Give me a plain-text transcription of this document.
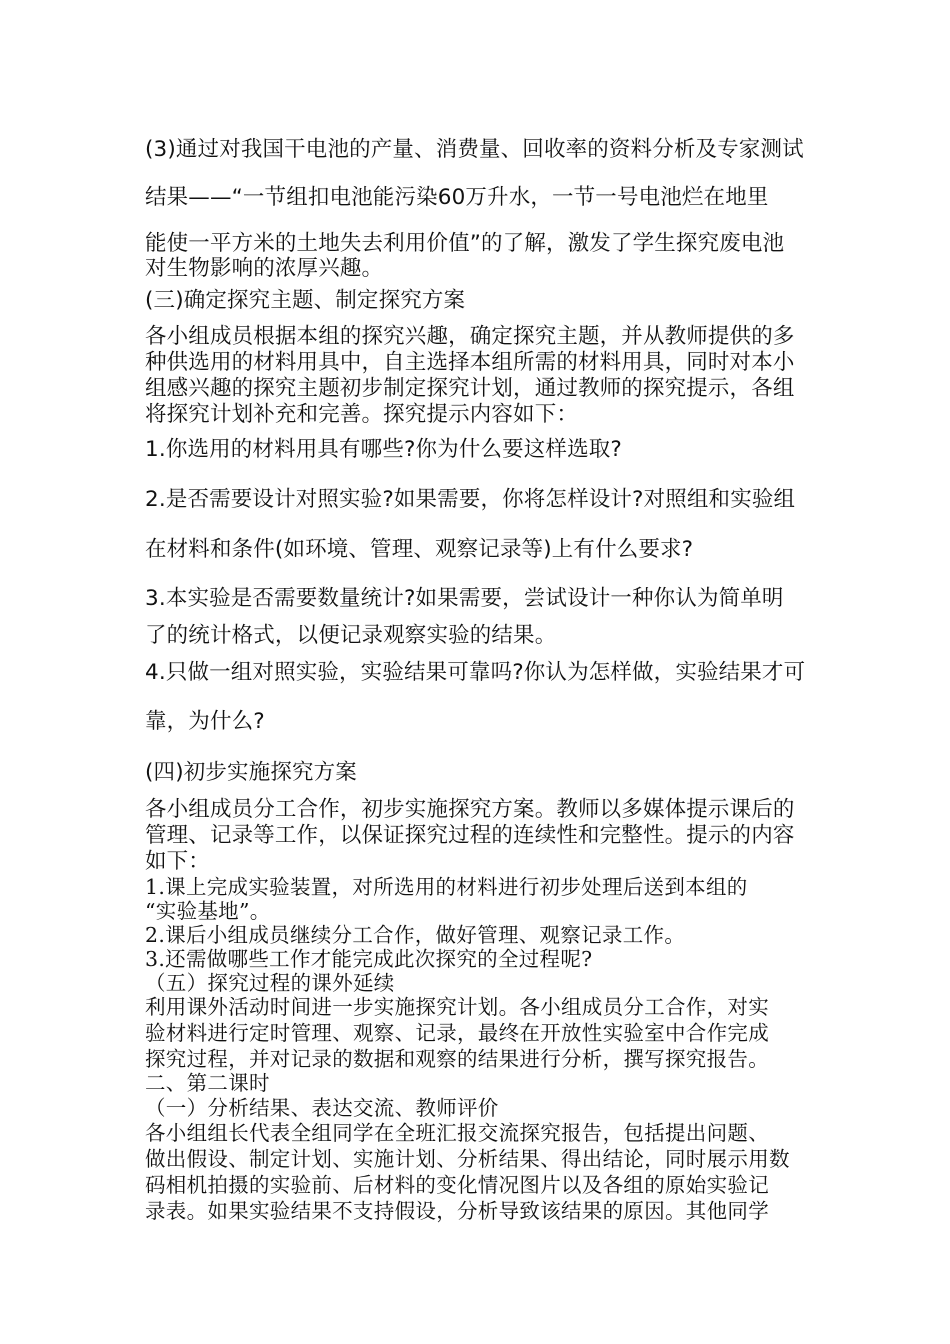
(3)通过对我国干电池的产量、消费量、回收率的资料分析及专家测试
结果——“一节组扣电池能污染60万升水，一节一号电池烂在地里
能使一平方米的土地失去利用价值”的了解，激发了学生探究废电池
对生物影响的浓厚兴趣。
(三)确定探究主题、制定探究方案
各小组成员根据本组的探究兴趣，确定探究主题，并从教师提供的多
种供选用的材料用具中，自主选择本组所需的材料用具，同时对本小
组感兴趣的探究主题初步制定探究计划，通过教师的探究提示，各组
将探究计划补充和完善。探究提示内容如下：
1.你选用的材料用具有哪些?你为什么要这样选取?
2.是否需要设计对照实验?如果需要，你将怎样设计?对照组和实验组
在材料和条件(如环境、管理、观察记录等)上有什么要求?
3.本实验是否需要数量统计?如果需要，尝试设计一种你认为简单明
了的统计格式，以便记录观察实验的结果。
4.只做一组对照实验，实验结果可靠吗?你认为怎样做，实验结果才可
靠，为什么?
(四)初步实施探究方案
各小组成员分工合作，初步实施探究方案。教师以多媒体提示课后的
管理、记录等工作，以保证探究过程的连续性和完整性。提示的内容
如下：
1.课上完成实验装置，对所选用的材料进行初步处理后送到本组的
“实验基地”。
2.课后小组成员继续分工合作，做好管理、观察记录工作。
3.还需做哪些工作才能完成此次探究的全过程呢?
（五）探究过程的课外延续
利用课外活动时间进一步实施探究计划。各小组成员分工合作，对实
验材料进行定时管理、观察、记录，最终在开放性实验室中合作完成
探究过程，并对记录的数据和观察的结果进行分析，撰写探究报告。
二、第二课时
（一）分析结果、表达交流、教师评价
各小组组长代表全组同学在全班汇报交流探究报告，包括提出问题、
做出假设、制定计划、实施计划、分析结果、得出结论，同时展示用数
码相机拍摄的实验前、后材料的变化情况图片以及各组的原始实验记
录表。如果实验结果不支持假设，分析导致该结果的原因。其他同学
